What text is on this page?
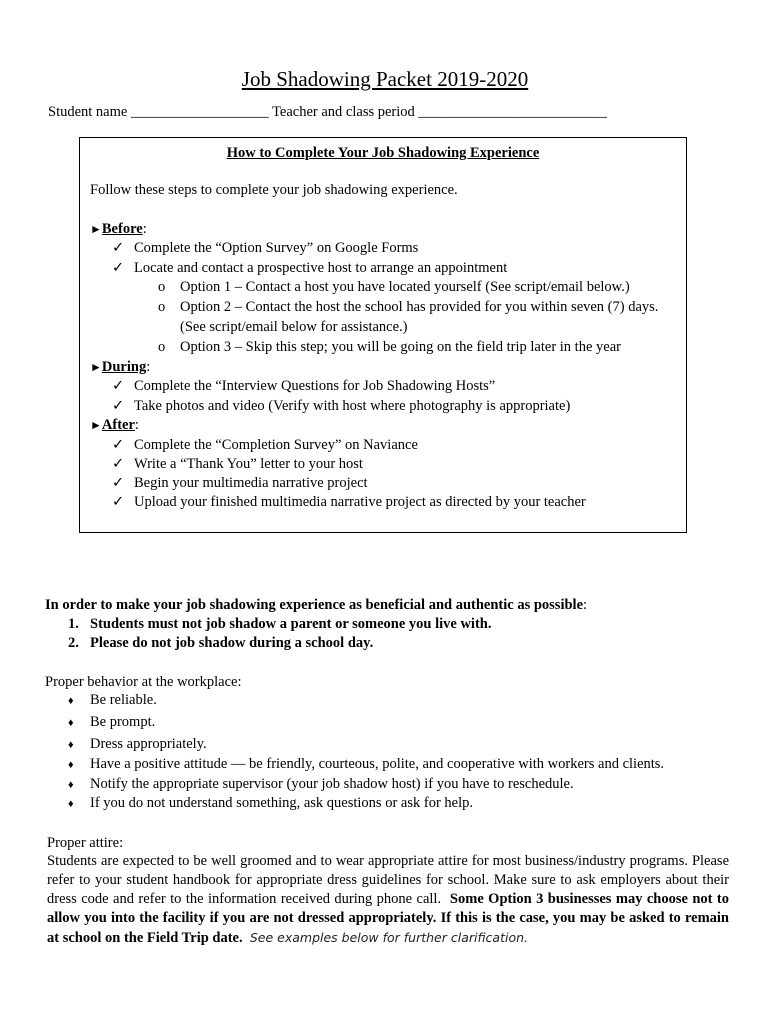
Job Shadowing Packet 2019-2020
Student name ___________________ Teacher and class period __________________________
How to Complete Your Job Shadowing Experience
Follow these steps to complete your job shadowing experience.
►Before:
✓ Complete the “Option Survey” on Google Forms
✓ Locate and contact a prospective host to arrange an appointment
o Option 1 – Contact a host you have located yourself (See script/email below.)
o Option 2 – Contact the host the school has provided for you within seven (7) days.
(See script/email below for assistance.)
o Option 3 – Skip this step; you will be going on the field trip later in the year
►During:
✓ Complete the “Interview Questions for Job Shadowing Hosts”
✓ Take photos and video (Verify with host where photography is appropriate)
►After:
✓ Complete the “Completion Survey” on Naviance
✓ Write a “Thank You” letter to your host
✓ Begin your multimedia narrative project
✓ Upload your finished multimedia narrative project as directed by your teacher
In order to make your job shadowing experience as beneficial and authentic as possible:
1. Students must not job shadow a parent or someone you live with.
2. Please do not job shadow during a school day.
Proper behavior at the workplace:
♦ Be reliable.
♦ Be prompt.
♦ Dress appropriately.
♦ Have a positive attitude — be friendly, courteous, polite, and cooperative with workers and clients.
♦ Notify the appropriate supervisor (your job shadow host) if you have to reschedule.
♦ If you do not understand something, ask questions or ask for help.
Proper attire:
Students are expected to be well groomed and to wear appropriate attire for most business/industry programs. Please refer to your student handbook for appropriate dress guidelines for school. Make sure to ask employers about their dress code and refer to the information received during phone call. Some Option 3 businesses may choose not to allow you into the facility if you are not dressed appropriately. If this is the case, you may be asked to remain at school on the Field Trip date. See examples below for further clarification.
